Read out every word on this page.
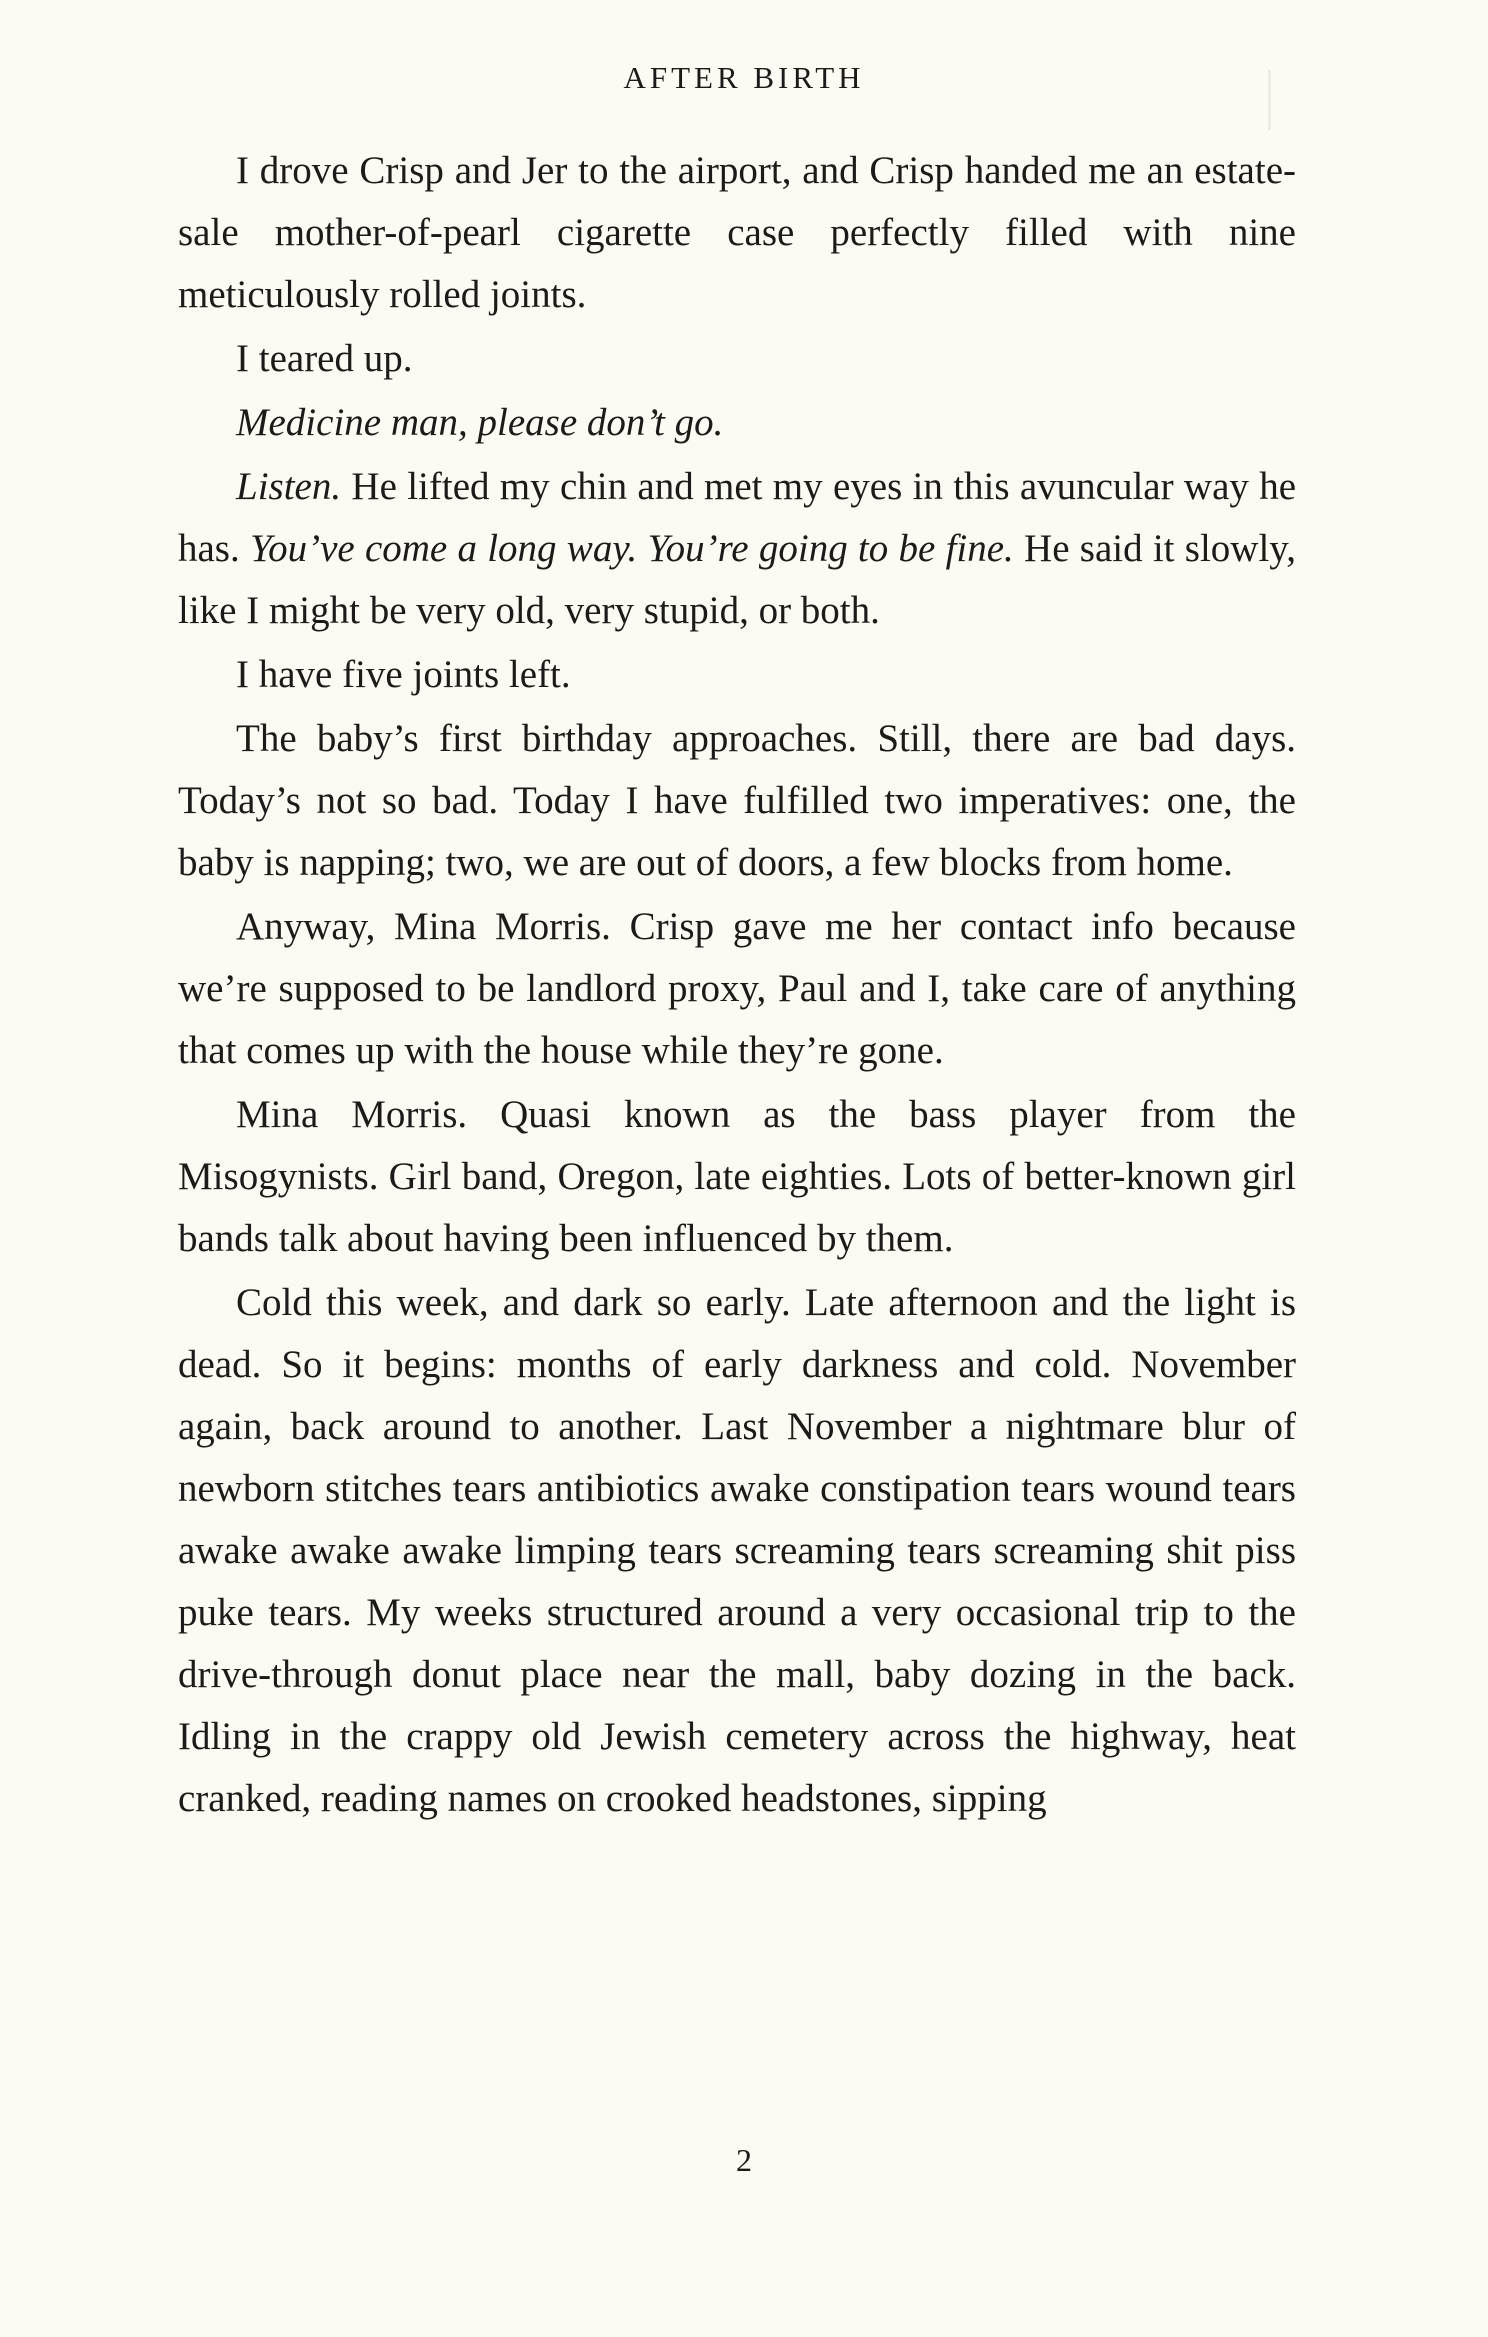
AFTER BIRTH

I drove Crisp and Jer to the airport, and Crisp handed me an estate-sale mother-of-pearl cigarette case perfectly filled with nine meticulously rolled joints.

I teared up.

Medicine man, please don’t go.

Listen. He lifted my chin and met my eyes in this avuncular way he has. You’ve come a long way. You’re going to be fine. He said it slowly, like I might be very old, very stupid, or both.

I have five joints left.

The baby’s first birthday approaches. Still, there are bad days. Today’s not so bad. Today I have fulfilled two imperatives: one, the baby is napping; two, we are out of doors, a few blocks from home.

Anyway, Mina Morris. Crisp gave me her contact info because we’re supposed to be landlord proxy, Paul and I, take care of anything that comes up with the house while they’re gone.

Mina Morris. Quasi known as the bass player from the Misogynists. Girl band, Oregon, late eighties. Lots of better-known girl bands talk about having been influenced by them.

Cold this week, and dark so early. Late afternoon and the light is dead. So it begins: months of early darkness and cold. November again, back around to another. Last November a nightmare blur of newborn stitches tears antibiotics awake constipation tears wound tears awake awake awake limping tears screaming tears screaming shit piss puke tears. My weeks structured around a very occasional trip to the drive-through donut place near the mall, baby dozing in the back. Idling in the crappy old Jewish cemetery across the highway, heat cranked, reading names on crooked headstones, sipping

2
